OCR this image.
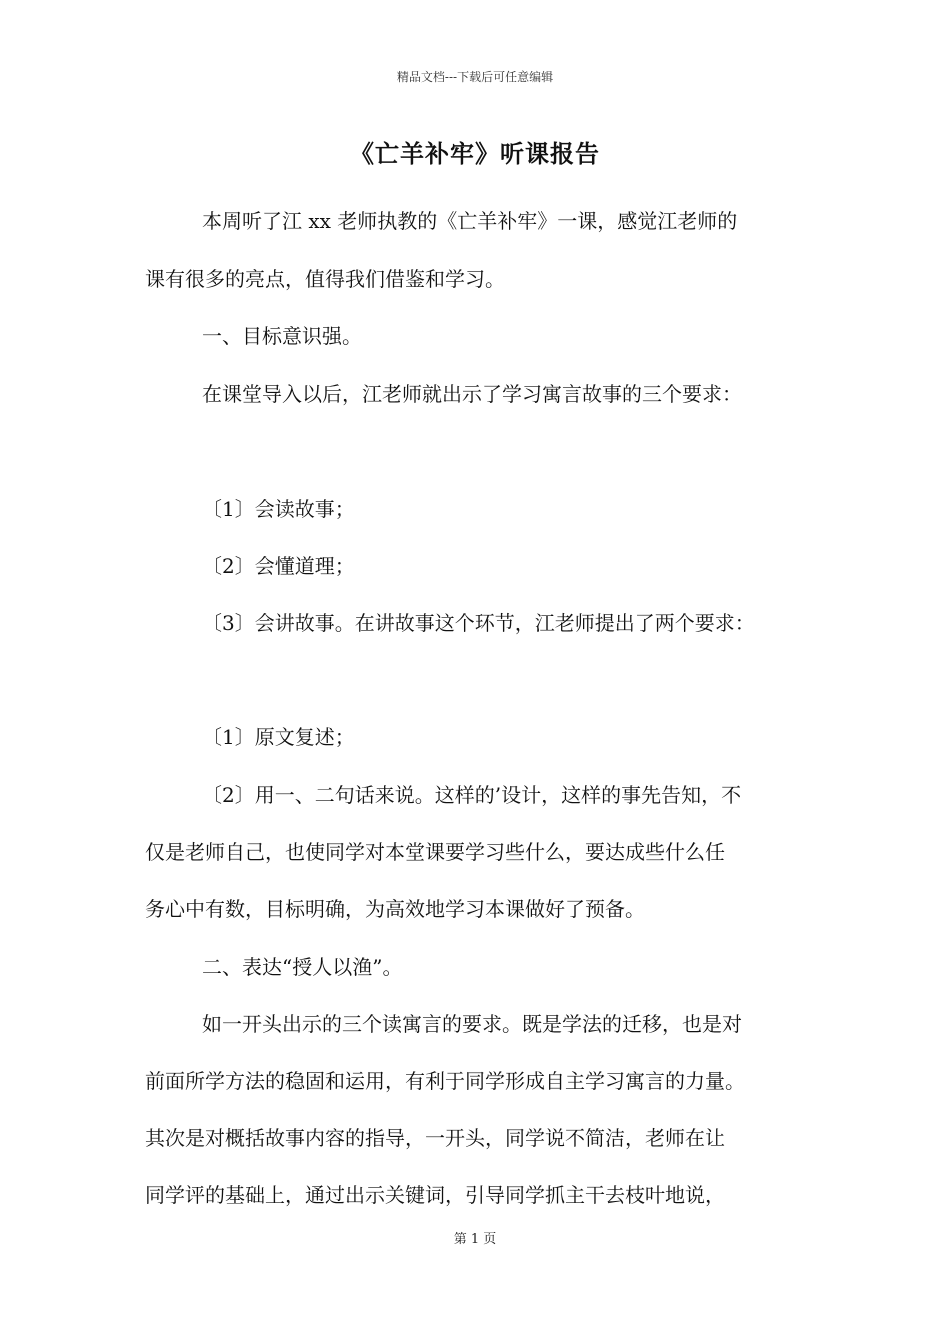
精品文档---下载后可任意编辑
《亡羊补牢》听课报告
本周听了江 xx 老师执教的《亡羊补牢》一课，感觉江老师的
课有很多的亮点，值得我们借鉴和学习。
一、目标意识强。
在课堂导入以后，江老师就出示了学习寓言故事的三个要求：
〔1〕会读故事；
〔2〕会懂道理；
〔3〕会讲故事。在讲故事这个环节，江老师提出了两个要求：
〔1〕原文复述；
〔2〕用一、二句话来说。这样的’设计，这样的事先告知，不
仅是老师自己，也使同学对本堂课要学习些什么，要达成些什么任
务心中有数，目标明确，为高效地学习本课做好了预备。
二、表达“授人以渔”。
如一开头出示的三个读寓言的要求。既是学法的迁移，也是对
前面所学方法的稳固和运用，有利于同学形成自主学习寓言的力量。
其次是对概括故事内容的指导，一开头，同学说不简洁，老师在让
同学评的基础上，通过出示关键词，引导同学抓主干去枝叶地说，
第 1 页
